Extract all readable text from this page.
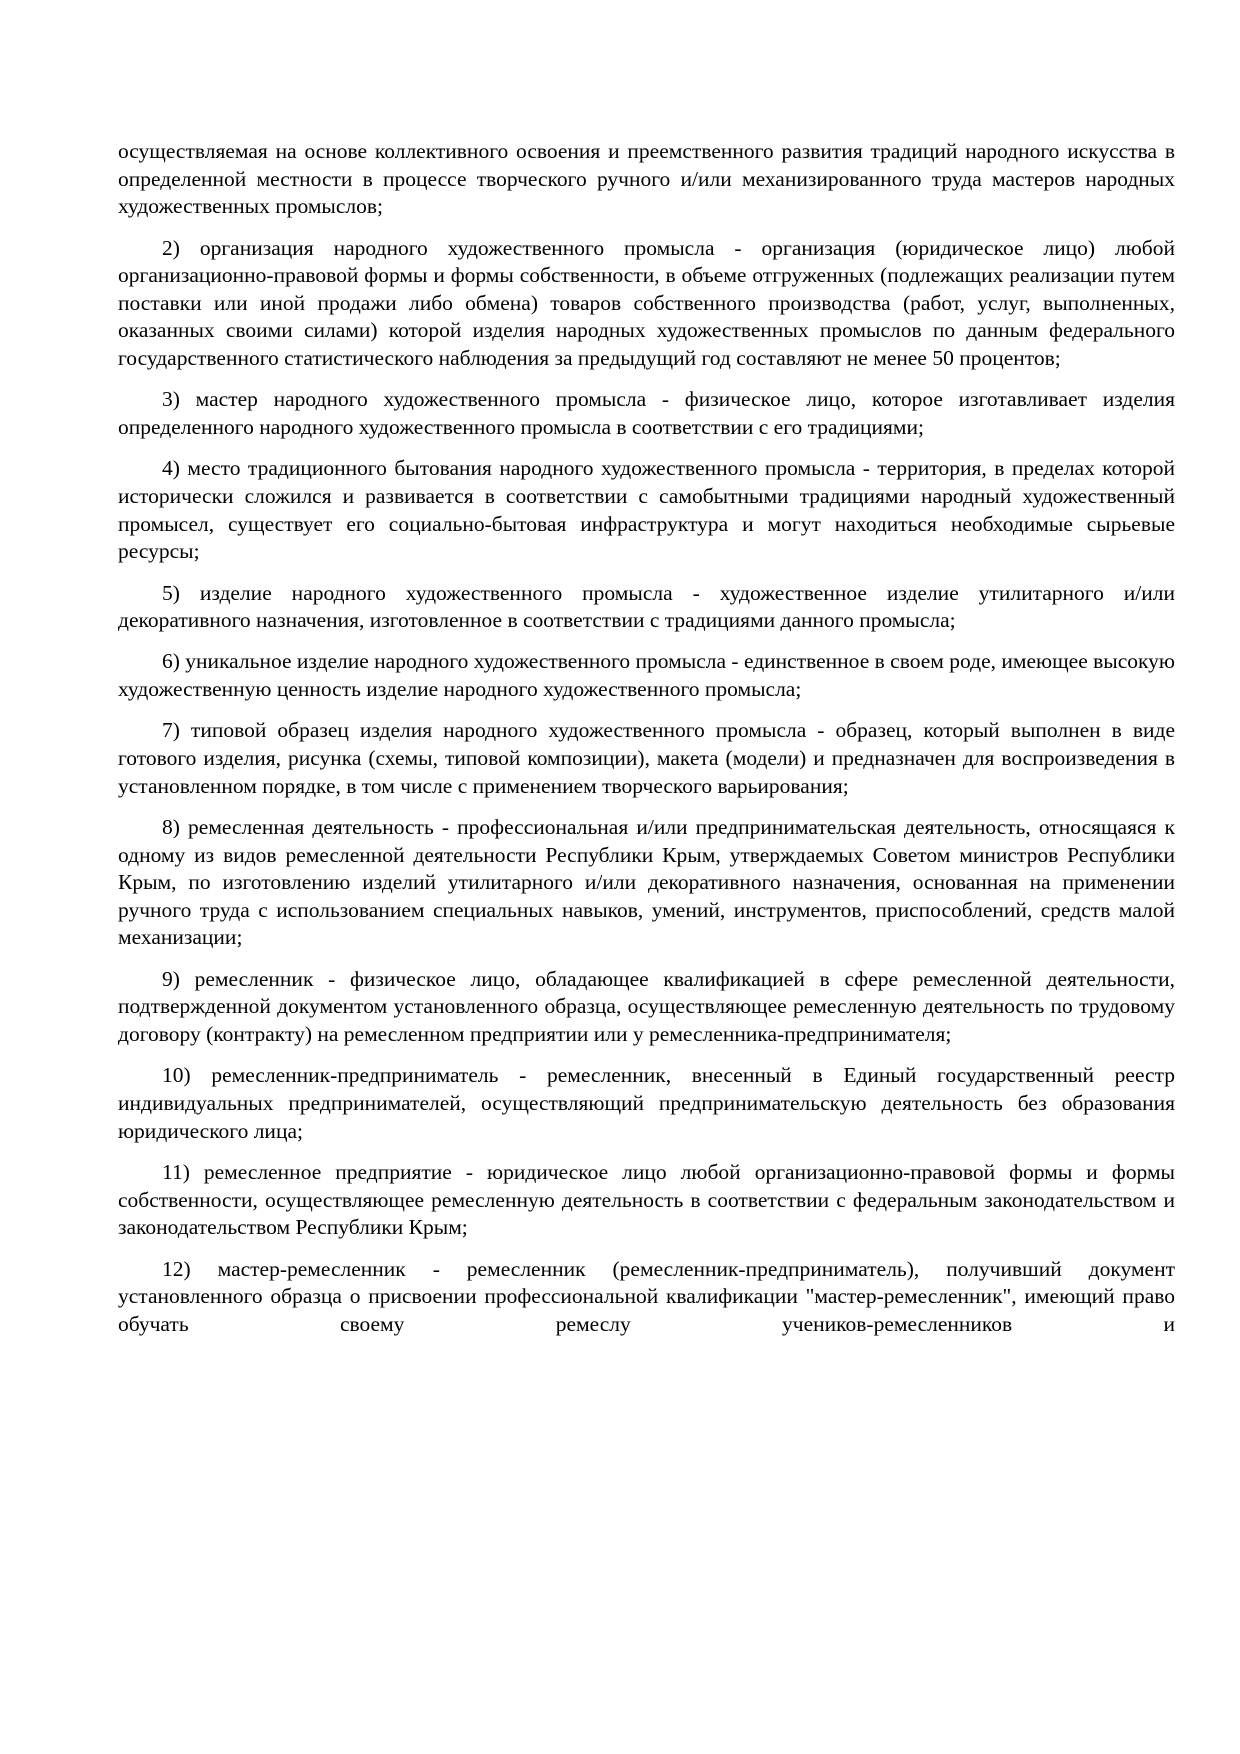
осуществляемая на основе коллективного освоения и преемственного развития традиций народного искусства в определенной местности в процессе творческого ручного и/или механизированного труда мастеров народных художественных промыслов;

2) организация народного художественного промысла - организация (юридическое лицо) любой организационно-правовой формы и формы собственности, в объеме отгруженных (подлежащих реализации путем поставки или иной продажи либо обмена) товаров собственного производства (работ, услуг, выполненных, оказанных своими силами) которой изделия народных художественных промыслов по данным федерального государственного статистического наблюдения за предыдущий год составляют не менее 50 процентов;

3) мастер народного художественного промысла - физическое лицо, которое изготавливает изделия определенного народного художественного промысла в соответствии с его традициями;

4) место традиционного бытования народного художественного промысла - территория, в пределах которой исторически сложился и развивается в соответствии с самобытными традициями народный художественный промысел, существует его социально-бытовая инфраструктура и могут находиться необходимые сырьевые ресурсы;

5) изделие народного художественного промысла - художественное изделие утилитарного и/или декоративного назначения, изготовленное в соответствии с традициями данного промысла;

6) уникальное изделие народного художественного промысла - единственное в своем роде, имеющее высокую художественную ценность изделие народного художественного промысла;

7) типовой образец изделия народного художественного промысла - образец, который выполнен в виде готового изделия, рисунка (схемы, типовой композиции), макета (модели) и предназначен для воспроизведения в установленном порядке, в том числе с применением творческого варьирования;

8) ремесленная деятельность - профессиональная и/или предпринимательская деятельность, относящаяся к одному из видов ремесленной деятельности Республики Крым, утверждаемых Советом министров Республики Крым, по изготовлению изделий утилитарного и/или декоративного назначения, основанная на применении ручного труда с использованием специальных навыков, умений, инструментов, приспособлений, средств малой механизации;

9) ремесленник - физическое лицо, обладающее квалификацией в сфере ремесленной деятельности, подтвержденной документом установленного образца, осуществляющее ремесленную деятельность по трудовому договору (контракту) на ремесленном предприятии или у ремесленника-предпринимателя;

10) ремесленник-предприниматель - ремесленник, внесенный в Единый государственный реестр индивидуальных предпринимателей, осуществляющий предпринимательскую деятельность без образования юридического лица;

11) ремесленное предприятие - юридическое лицо любой организационно-правовой формы и формы собственности, осуществляющее ремесленную деятельность в соответствии с федеральным законодательством и законодательством Республики Крым;

12) мастер-ремесленник - ремесленник (ремесленник-предприниматель), получивший документ установленного образца о присвоении профессиональной квалификации "мастер-ремесленник", имеющий право обучать своему ремеслу учеников-ремесленников и
